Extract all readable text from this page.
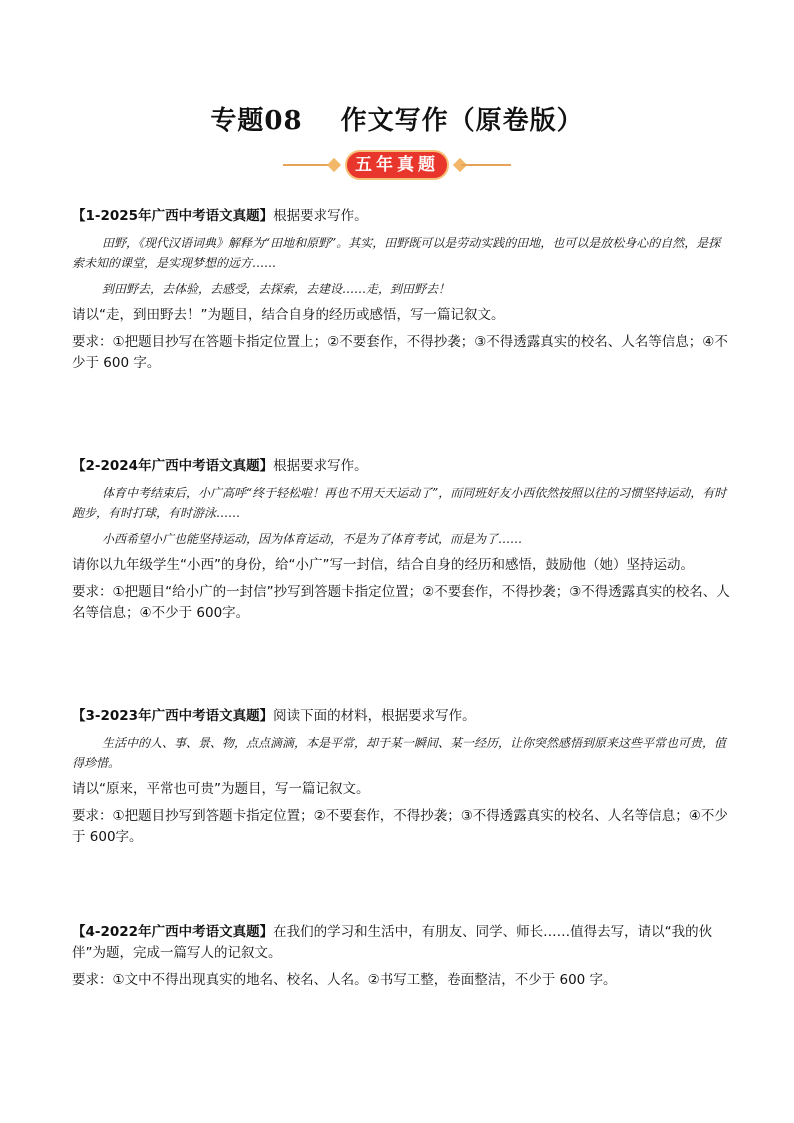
专题08 作文写作（原卷版）
五年真题

【1-2025年广西中考语文真题】根据要求写作。

田野，《现代汉语词典》解释为“田地和原野”。其实，田野既可以是劳动实践的田地，也可以是放松身心的自然，是探索未知的课堂，是实现梦想的远方……

到田野去，去体验，去感受，去探索，去建设……走，到田野去！

请以“走，到田野去！”为题目，结合自身的经历或感悟，写一篇记叙文。

要求：①把题目抄写在答题卡指定位置上；②不要套作，不得抄袭；③不得透露真实的校名、人名等信息；④不少于 600 字。

【2-2024年广西中考语文真题】根据要求写作。

体育中考结束后，小广高呼“终于轻松啦！再也不用天天运动了”，而同班好友小西依然按照以往的习惯坚持运动，有时跑步，有时打球，有时游泳……

小西希望小广也能坚持运动，因为体育运动，不是为了体育考试，而是为了……

请你以九年级学生“小西”的身份，给“小广”写一封信，结合自身的经历和感悟，鼓励他（她）坚持运动。

要求：①把题目“给小广的一封信”抄写到答题卡指定位置；②不要套作，不得抄袭；③不得透露真实的校名、人名等信息；④不少于 600字。

【3-2023年广西中考语文真题】阅读下面的材料，根据要求写作。

生活中的人、事、景、物，点点滴滴，本是平常，却于某一瞬间、某一经历，让你突然感悟到原来这些平常也可贵，值得珍惜。

请以“原来，平常也可贵”为题目，写一篇记叙文。

要求：①把题目抄写到答题卡指定位置；②不要套作，不得抄袭；③不得透露真实的校名、人名等信息；④不少于 600字。

【4-2022年广西中考语文真题】在我们的学习和生活中，有朋友、同学、师长……值得去写，请以“我的伙伴”为题，完成一篇写人的记叙文。

要求：①文中不得出现真实的地名、校名、人名。②书写工整，卷面整洁，不少于 600 字。
